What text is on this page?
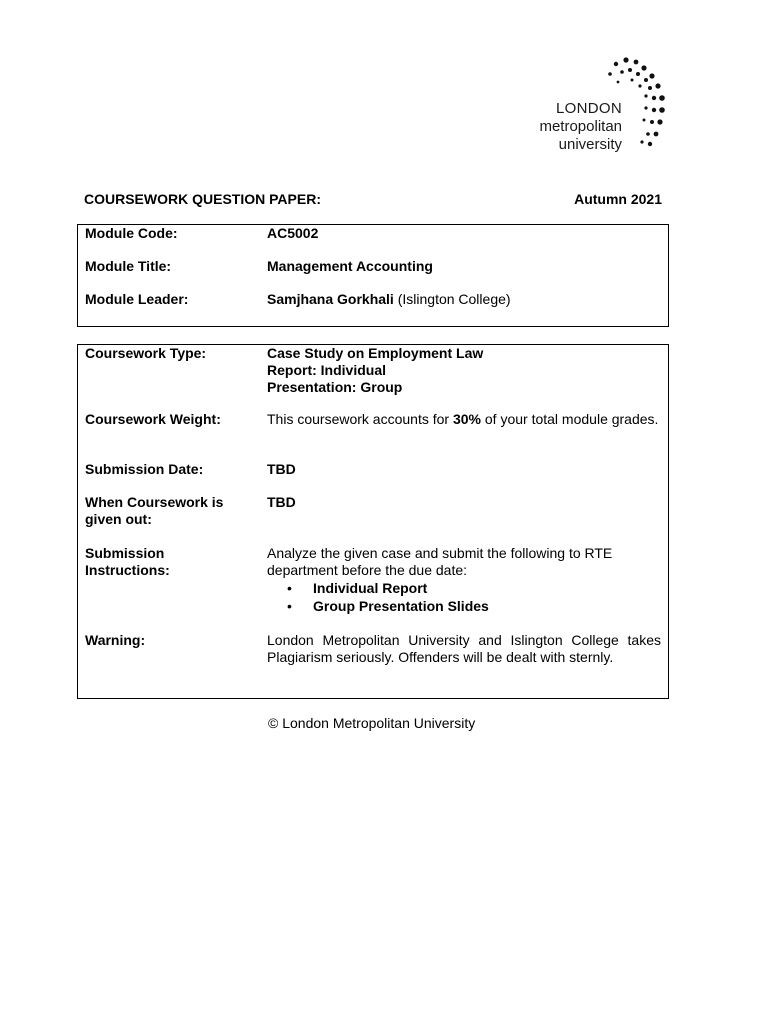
LONDON
metropolitan
university
COURSEWORK QUESTION PAPER:	Autumn 2021
Module Code:	AC5002
Module Title:	Management Accounting
Module Leader:	Samjhana Gorkhali (Islington College)
Coursework Type:	Case Study on Employment Law
Report: Individual
Presentation: Group
Coursework Weight:	This coursework accounts for 30% of your total module grades.
Submission Date:	TBD
When Coursework is given out:
TBD
Submission Instructions:
Analyze the given case and submit the following to RTE department before the due date:
• Individual Report
• Group Presentation Slides
Warning:	London Metropolitan University and Islington College takes Plagiarism seriously. Offenders will be dealt with sternly.
© London Metropolitan University
